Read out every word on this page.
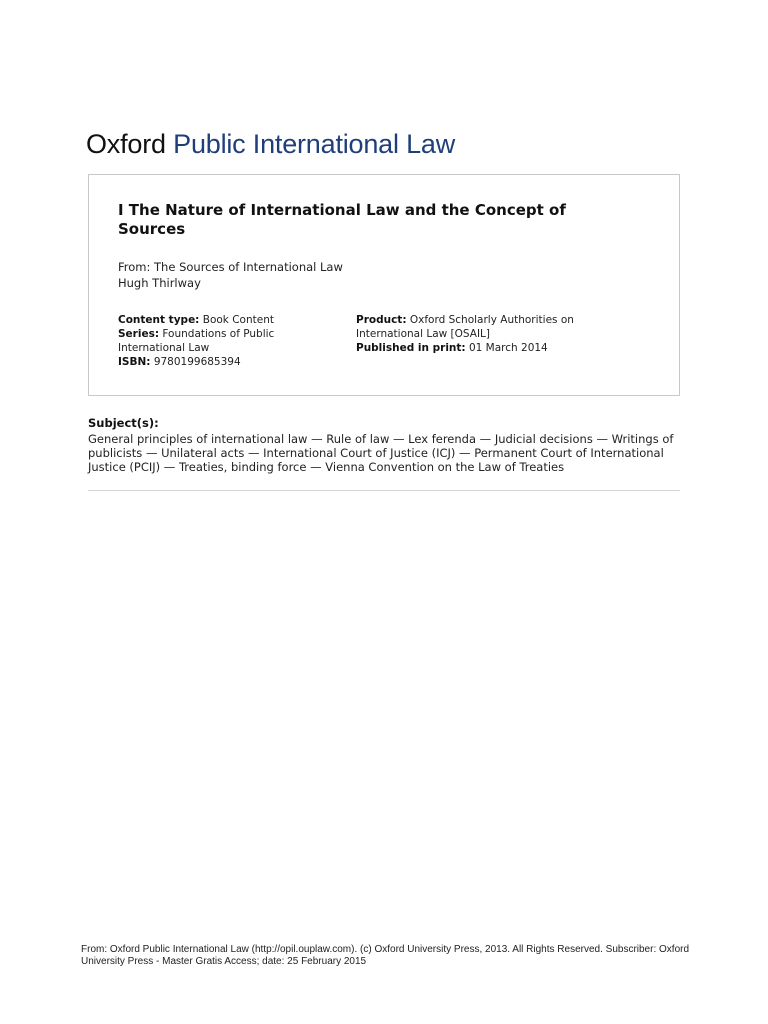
Oxford Public International Law
I The Nature of International Law and the Concept of Sources
From: The Sources of International Law
Hugh Thirlway
Content type: Book Content
Series: Foundations of Public International Law
ISBN: 9780199685394
Product: Oxford Scholarly Authorities on International Law [OSAIL]
Published in print: 01 March 2014
Subject(s):
General principles of international law — Rule of law — Lex ferenda — Judicial decisions — Writings of publicists — Unilateral acts — International Court of Justice (ICJ) — Permanent Court of International Justice (PCIJ) — Treaties, binding force — Vienna Convention on the Law of Treaties
From: Oxford Public International Law (http://opil.ouplaw.com). (c) Oxford University Press, 2013. All Rights Reserved. Subscriber: Oxford University Press - Master Gratis Access; date: 25 February 2015
